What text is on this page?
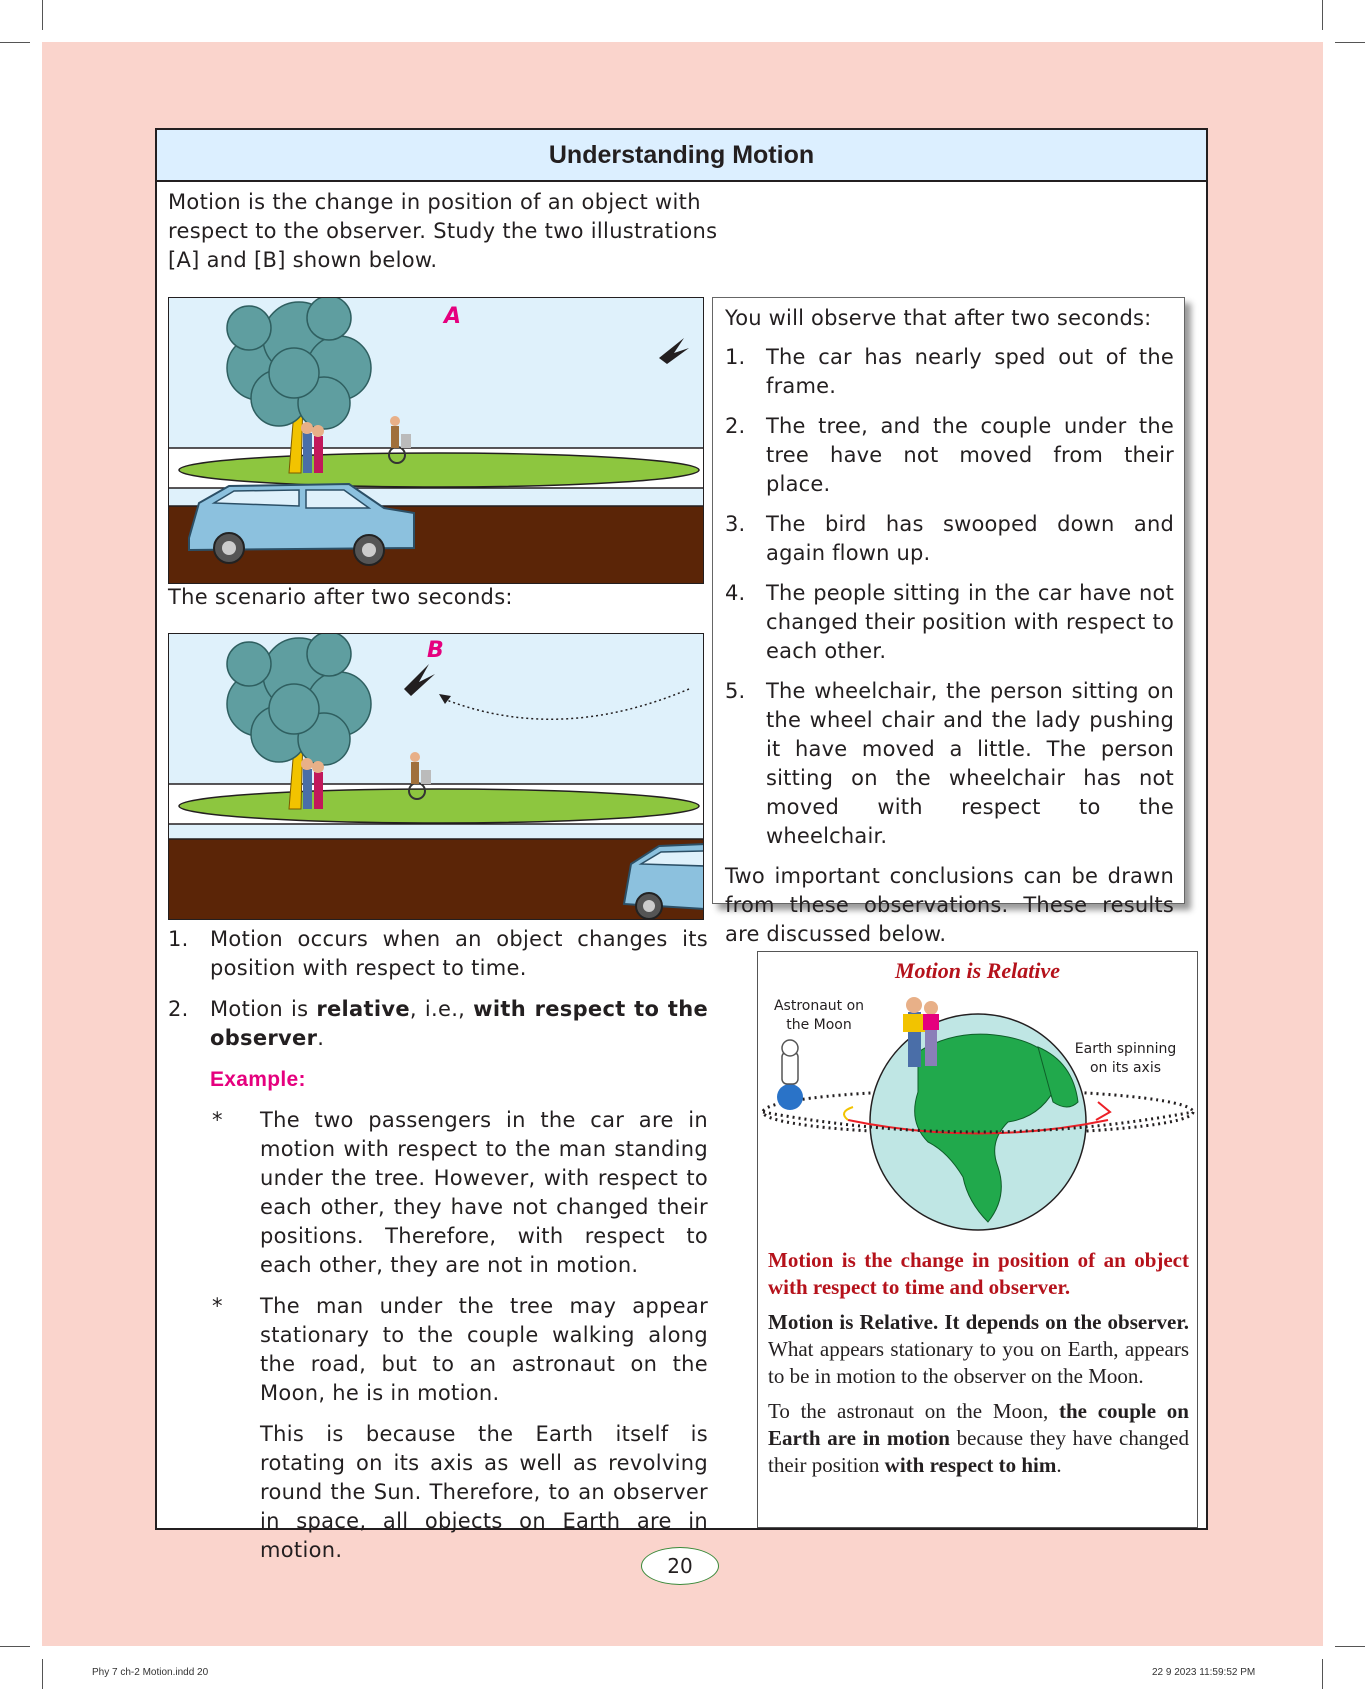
Understanding Motion
Motion is the change in position of an object with respect to the observer. Study the two illustrations [A] and [B] shown below.
A
The scenario after two seconds:
B

You will observe that after two seconds:

1. The car has nearly sped out of the frame.
2. The tree, and the couple under the tree have not moved from their place.
3. The bird has swooped down and again flown up.
4. The people sitting in the car have not changed their position with respect to each other.
5. The wheelchair, the person sitting on the wheel chair and the lady pushing it have moved a little. The person sitting on the wheelchair has not moved with respect to the wheelchair.

Two important conclusions can be drawn from these observations. These results are discussed below.

1. Motion occurs when an object changes its position with respect to time.
2. Motion is relative, i.e., with respect to the observer.
Example:
* The two passengers in the car are in motion with respect to the man standing under the tree. However, with respect to each other, they have not changed their positions. Therefore, with respect to each other, they are not in motion.
* The man under the tree may appear stationary to the couple walking along the road, but to an astronaut on the Moon, he is in motion.
This is because the Earth itself is rotating on its axis as well as revolving round the Sun. Therefore, to an observer in space, all objects on Earth are in motion.
Motion is Relative
Astronaut on the Moon
Earth spinning on its axis

Motion is the change in position of an object with respect to time and observer.

Motion is Relative. It depends on the observer. What appears stationary to you on Earth, appears to be in motion to the observer on the Moon.

To the astronaut on the Moon, the couple on Earth are in motion because they have changed their position with respect to him.

20
Phy 7 ch-2 Motion.indd 20	22 9 2023 11:59:52 PM
